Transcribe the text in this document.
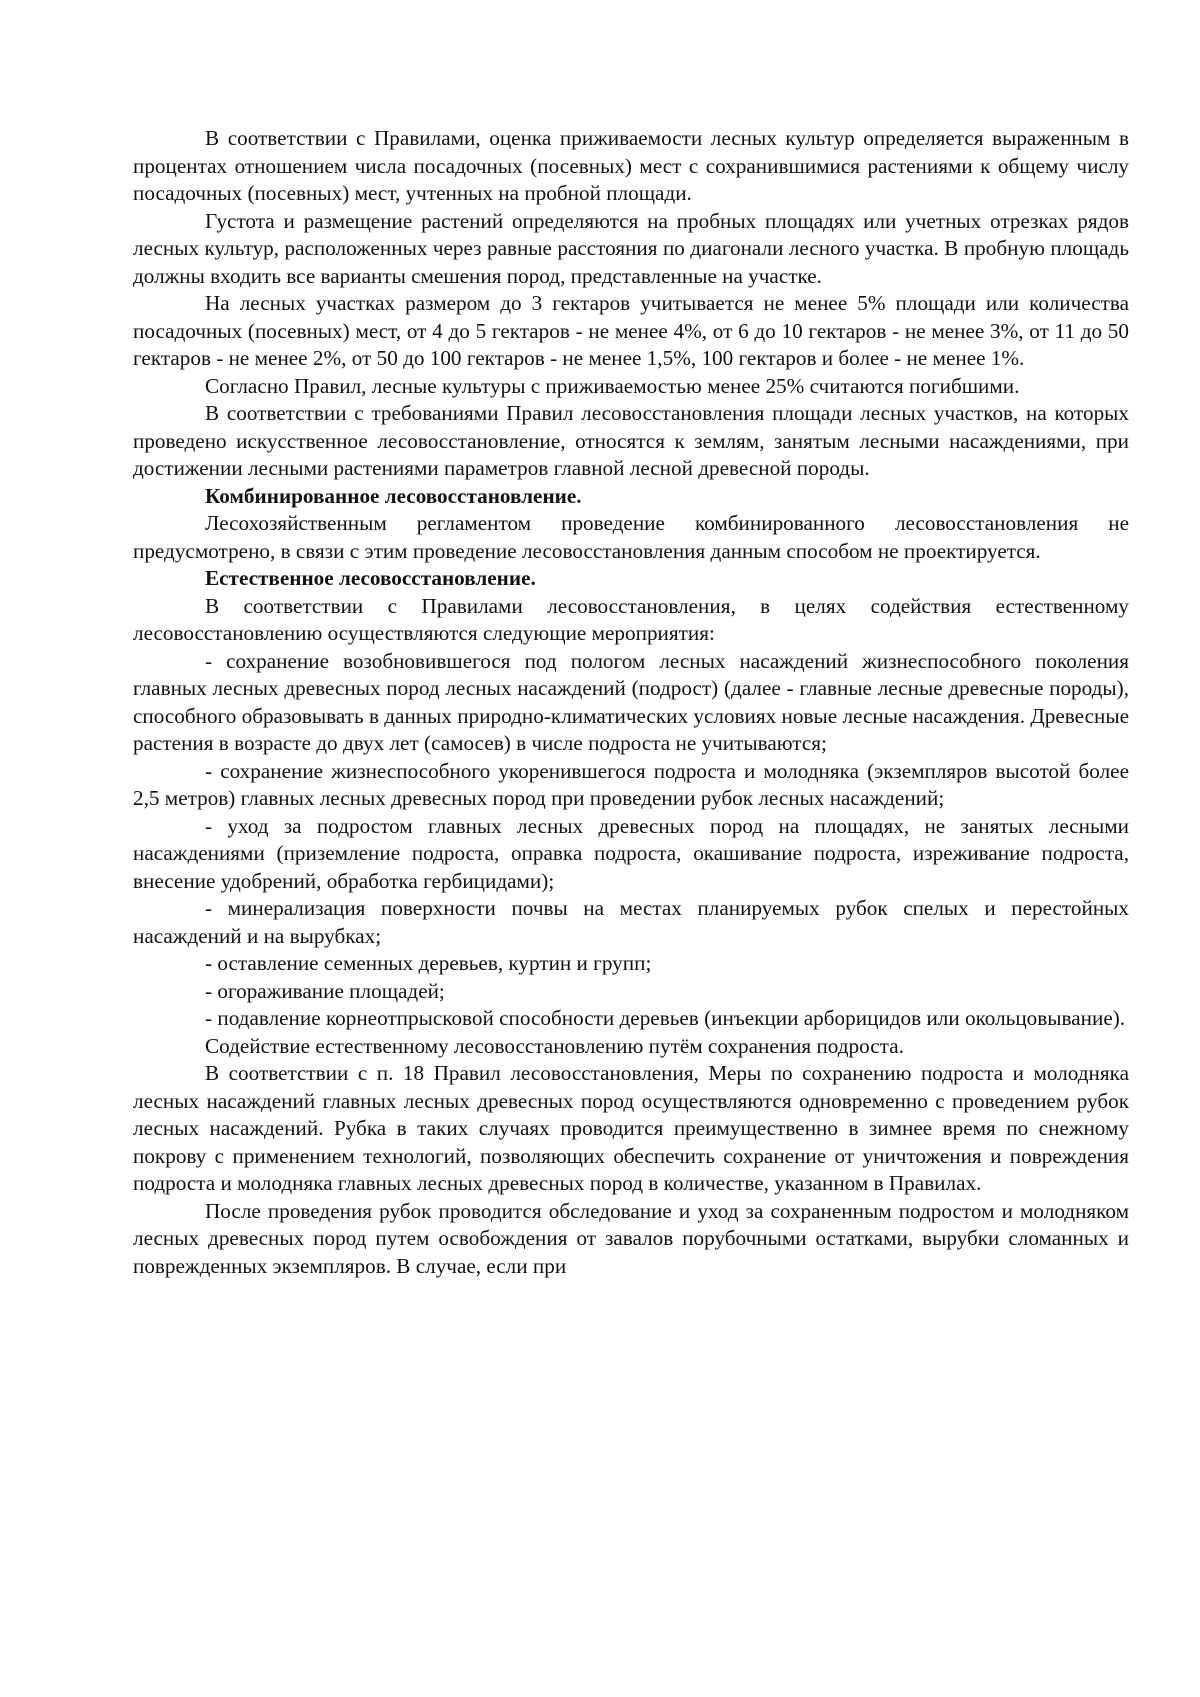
В соответствии с Правилами, оценка приживаемости лесных культур определяется выраженным в процентах отношением числа посадочных (посевных) мест с сохранившимися растениями к общему числу посадочных (посевных) мест, учтенных на пробной площади.

Густота и размещение растений определяются на пробных площадях или учетных отрезках рядов лесных культур, расположенных через равные расстояния по диагонали лесного участка. В пробную площадь должны входить все варианты смешения пород, представленные на участке.

На лесных участках размером до 3 гектаров учитывается не менее 5% площади или количества посадочных (посевных) мест, от 4 до 5 гектаров - не менее 4%, от 6 до 10 гектаров - не менее 3%, от 11 до 50 гектаров - не менее 2%, от 50 до 100 гектаров - не менее 1,5%, 100 гектаров и более - не менее 1%.

Согласно Правил, лесные культуры с приживаемостью менее 25% считаются погибшими.

В соответствии с требованиями Правил лесовосстановления площади лесных участков, на которых проведено искусственное лесовосстановление, относятся к землям, занятым лесными насаждениями, при достижении лесными растениями параметров главной лесной древесной породы.

Комбинированное лесовосстановление.

Лесохозяйственным регламентом проведение комбинированного лесовосстановления не предусмотрено, в связи с этим проведение лесовосстановления данным способом не проектируется.

Естественное лесовосстановление.

В соответствии с Правилами лесовосстановления, в целях содействия естественному лесовосстановлению осуществляются следующие мероприятия:

- сохранение возобновившегося под пологом лесных насаждений жизнеспособного поколения главных лесных древесных пород лесных насаждений (подрост) (далее - главные лесные древесные породы), способного образовывать в данных природно-климатических условиях новые лесные насаждения. Древесные растения в возрасте до двух лет (самосев) в числе подроста не учитываются;

- сохранение жизнеспособного укоренившегося подроста и молодняка (экземпляров высотой более 2,5 метров) главных лесных древесных пород при проведении рубок лесных насаждений;

- уход за подростом главных лесных древесных пород на площадях, не занятых лесными насаждениями (приземление подроста, оправка подроста, окашивание подроста, изреживание подроста, внесение удобрений, обработка гербицидами);

- минерализация поверхности почвы на местах планируемых рубок спелых и перестойных насаждений и на вырубках;

- оставление семенных деревьев, куртин и групп;

- огораживание площадей;

- подавление корнеотпрысковой способности деревьев (инъекции арборицидов или окольцовывание).

Содействие естественному лесовосстановлению путём сохранения подроста.

В соответствии с п. 18 Правил лесовосстановления, Меры по сохранению подроста и молодняка лесных насаждений главных лесных древесных пород осуществляются одновременно с проведением рубок лесных насаждений. Рубка в таких случаях проводится преимущественно в зимнее время по снежному покрову с применением технологий, позволяющих обеспечить сохранение от уничтожения и повреждения подроста и молодняка главных лесных древесных пород в количестве, указанном в Правилах.

После проведения рубок проводится обследование и уход за сохраненным подростом и молодняком лесных древесных пород путем освобождения от завалов порубочными остатками, вырубки сломанных и поврежденных экземпляров. В случае, если при
